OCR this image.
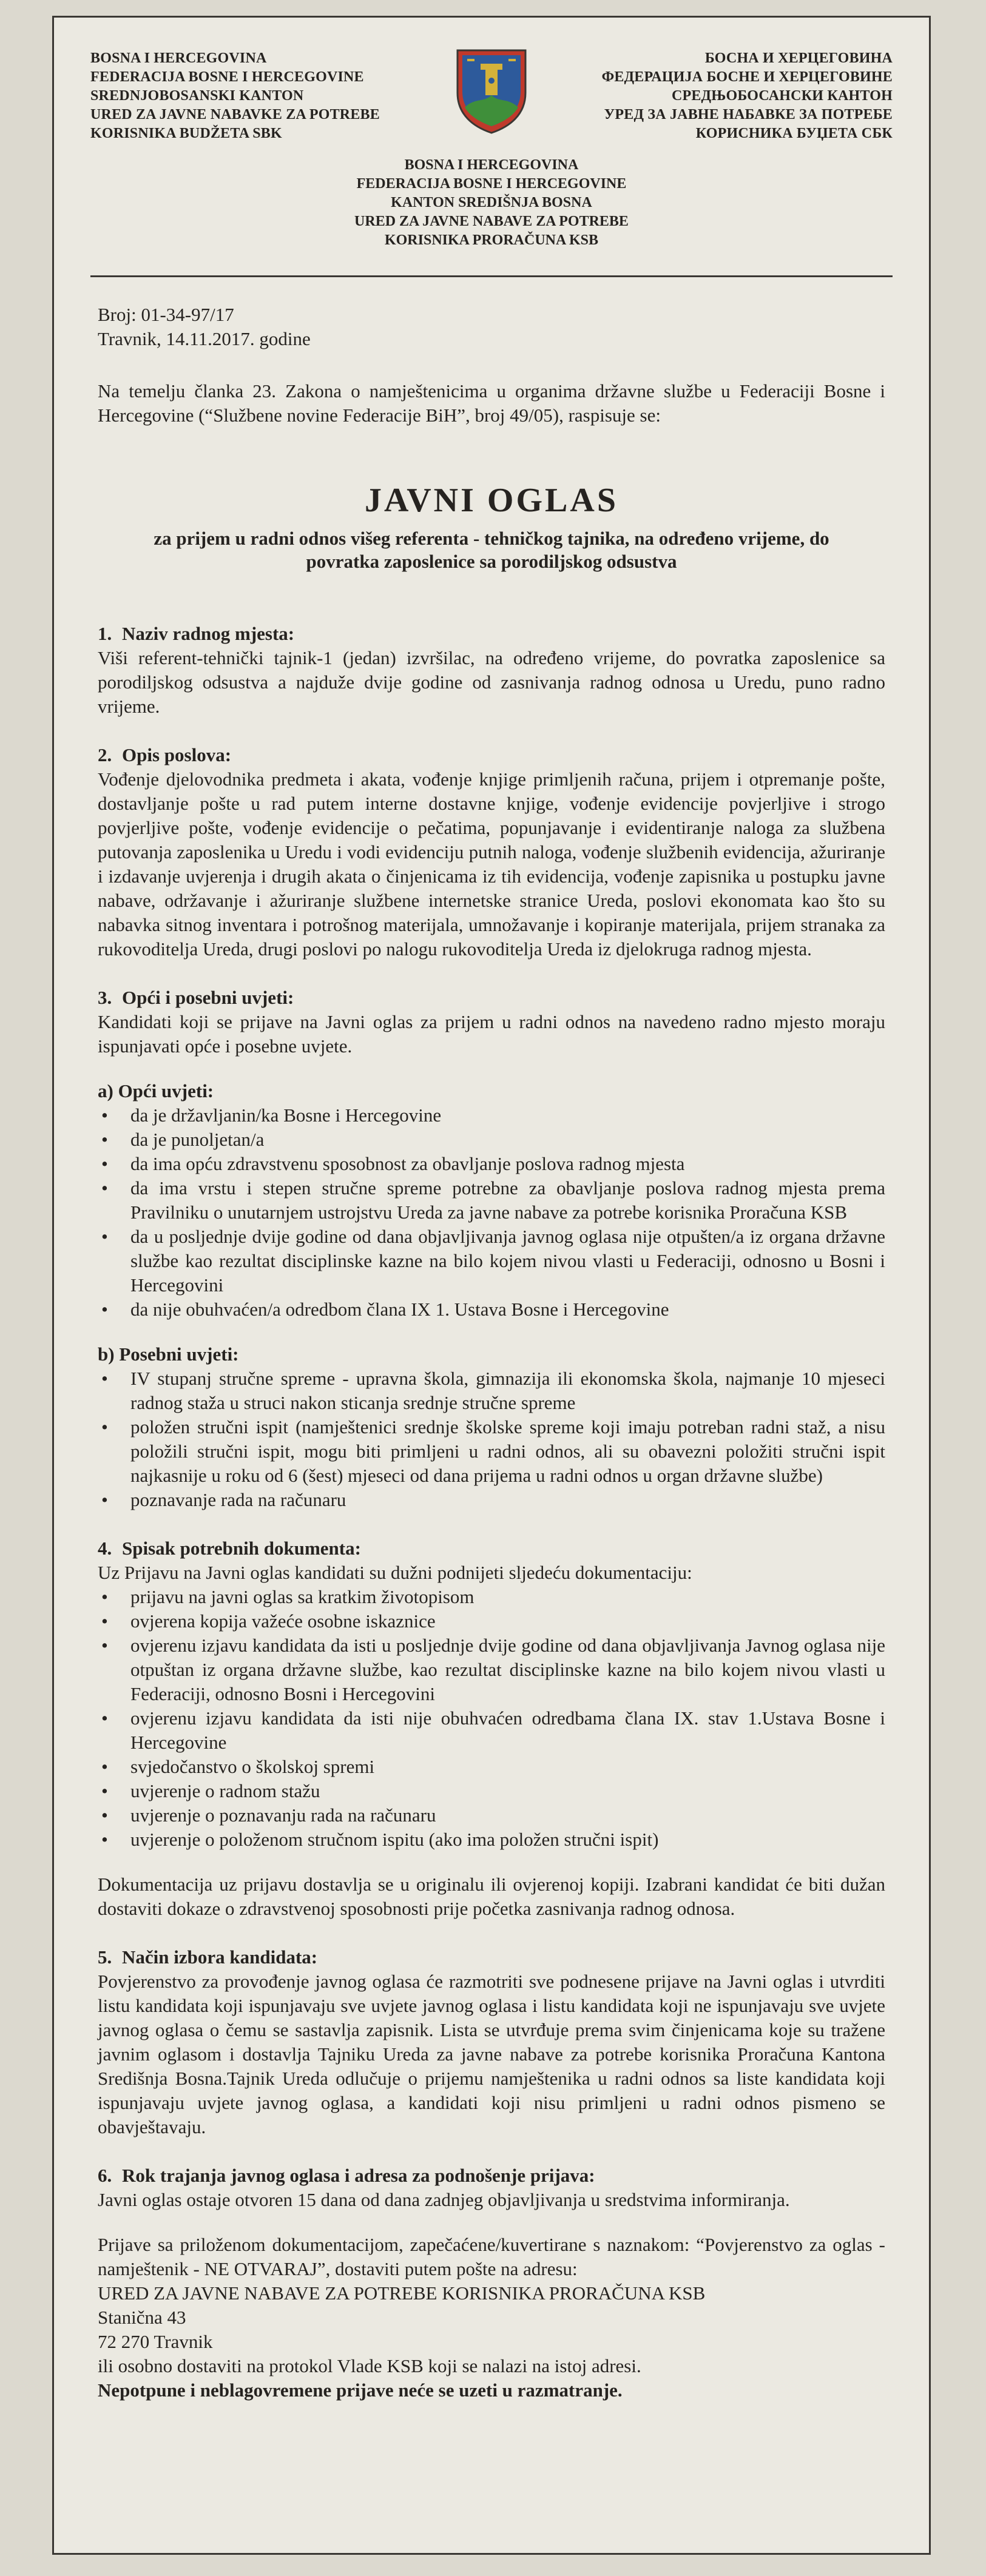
BOSNA I HERCEGOVINA
FEDERACIJA BOSNE I HERCEGOVINE
SREDNJOBOSANSKI KANTON
URED ZA JAVNE NABAVKE ZA POTREBE
KORISNIKA BUDŽETA SBK
БОСНА И ХЕРЦЕГОВИНА
ФЕДЕРАЦИЈА БОСНЕ И ХЕРЦЕГОВИНЕ
СРЕДЊОБОСАНСКИ КАНТОН
УРЕД ЗА ЈАВНЕ НАБАВКЕ ЗА ПОТРЕБЕ
КОРИСНИКА БУЏЕТА СБК
BOSNA I HERCEGOVINA
FEDERACIJA BOSNE I HERCEGOVINE
KANTON SREDIŠNJA BOSNA
URED ZA JAVNE NABAVE ZA POTREBE
KORISNIKA PRORAČUNA KSB
Broj: 01-34-97/17
Travnik, 14.11.2017. godine

Na temelju članka 23. Zakona o namještenicima u organima državne službe u Federaciji Bosne i Hercegovine (“Službene novine Federacije BiH”, broj 49/05), raspisuje se:

JAVNI OGLAS
za prijem u radni odnos višeg referenta - tehničkog tajnika, na određeno vrijeme, do povratka zaposlenice sa porodiljskog odsustva
1. Naziv radnog mjesta:

Viši referent-tehnički tajnik-1 (jedan) izvršilac, na određeno vrijeme, do povratka zaposlenice sa porodiljskog odsustva a najduže dvije godine od zasnivanja radnog odnosa u Uredu, puno radno vrijeme.

2. Opis poslova:

Vođenje djelovodnika predmeta i akata, vođenje knjige primljenih računa, prijem i otpremanje pošte, dostavljanje pošte u rad putem interne dostavne knjige, vođenje evidencije povjerljive i strogo povjerljive pošte, vođenje evidencije o pečatima, popunjavanje i evidentiranje naloga za službena putovanja zaposlenika u Uredu i vodi evidenciju putnih naloga, vođenje službenih evidencija, ažuriranje i izdavanje uvjerenja i drugih akata o činjenicama iz tih evidencija, vođenje zapisnika u postupku javne nabave, održavanje i ažuriranje službene internetske stranice Ureda, poslovi ekonomata kao što su nabavka sitnog inventara i potrošnog materijala, umnožavanje i kopiranje materijala, prijem stranaka za rukovoditelja Ureda, drugi poslovi po nalogu rukovoditelja Ureda iz djelokruga radnog mjesta.

3. Opći i posebni uvjeti:

Kandidati koji se prijave na Javni oglas za prijem u radni odnos na navedeno radno mjesto moraju ispunjavati opće i posebne uvjete.

a) Opći uvjeti:
• da je državljanin/ka Bosne i Hercegovine
• da je punoljetan/a
• da ima opću zdravstvenu sposobnost za obavljanje poslova radnog mjesta
• da ima vrstu i stepen stručne spreme potrebne za obavljanje poslova radnog mjesta prema Pravilniku o unutarnjem ustrojstvu Ureda za javne nabave za potrebe korisnika Proračuna KSB
• da u posljednje dvije godine od dana objavljivanja javnog oglasa nije otpušten/a iz organa državne službe kao rezultat disciplinske kazne na bilo kojem nivou vlasti u Federaciji, odnosno u Bosni i Hercegovini
• da nije obuhvaćen/a odredbom člana IX 1. Ustava Bosne i Hercegovine
b) Posebni uvjeti:
• IV stupanj stručne spreme - upravna škola, gimnazija ili ekonomska škola, najmanje 10 mjeseci radnog staža u struci nakon sticanja srednje stručne spreme
• položen stručni ispit (namještenici srednje školske spreme koji imaju potreban radni staž, a nisu položili stručni ispit, mogu biti primljeni u radni odnos, ali su obavezni položiti stručni ispit najkasnije u roku od 6 (šest) mjeseci od dana prijema u radni odnos u organ državne službe)
• poznavanje rada na računaru
4. Spisak potrebnih dokumenta:

Uz Prijavu na Javni oglas kandidati su dužni podnijeti sljedeću dokumentaciju:

• prijavu na javni oglas sa kratkim životopisom
• ovjerena kopija važeće osobne iskaznice
• ovjerenu izjavu kandidata da isti u posljednje dvije godine od dana objavljivanja Javnog oglasa nije otpuštan iz organa državne službe, kao rezultat disciplinske kazne na bilo kojem nivou vlasti u Federaciji, odnosno Bosni i Hercegovini
• ovjerenu izjavu kandidata da isti nije obuhvaćen odredbama člana IX. stav 1.Ustava Bosne i Hercegovine
• svjedočanstvo o školskoj spremi
• uvjerenje o radnom stažu
• uvjerenje o poznavanju rada na računaru
• uvjerenje o položenom stručnom ispitu (ako ima položen stručni ispit)

Dokumentacija uz prijavu dostavlja se u originalu ili ovjerenoj kopiji. Izabrani kandidat će biti dužan dostaviti dokaze o zdravstvenoj sposobnosti prije početka zasnivanja radnog odnosa.

5. Način izbora kandidata:

Povjerenstvo za provođenje javnog oglasa će razmotriti sve podnesene prijave na Javni oglas i utvrditi listu kandidata koji ispunjavaju sve uvjete javnog oglasa i listu kandidata koji ne ispunjavaju sve uvjete javnog oglasa o čemu se sastavlja zapisnik. Lista se utvrđuje prema svim činjenicama koje su tražene javnim oglasom i dostavlja Tajniku Ureda za javne nabave za potrebe korisnika Proračuna Kantona Središnja Bosna.Tajnik Ureda odlučuje o prijemu namještenika u radni odnos sa liste kandidata koji ispunjavaju uvjete javnog oglasa, a kandidati koji nisu primljeni u radni odnos pismeno se obavještavaju.

6. Rok trajanja javnog oglasa i adresa za podnošenje prijava:

Javni oglas ostaje otvoren 15 dana od dana zadnjeg objavljivanja u sredstvima informiranja.

Prijave sa priloženom dokumentacijom, zapečaćene/kuvertirane s naznakom: “Povjerenstvo za oglas - namještenik - NE OTVARAJ”, dostaviti putem pošte na adresu:

URED ZA JAVNE NABAVE ZA POTREBE KORISNIKA PRORAČUNA KSB
Stanična 43
72 270 Travnik
ili osobno dostaviti na protokol Vlade KSB koji se nalazi na istoj adresi.

Nepotpune i neblagovremene prijave neće se uzeti u razmatranje.
